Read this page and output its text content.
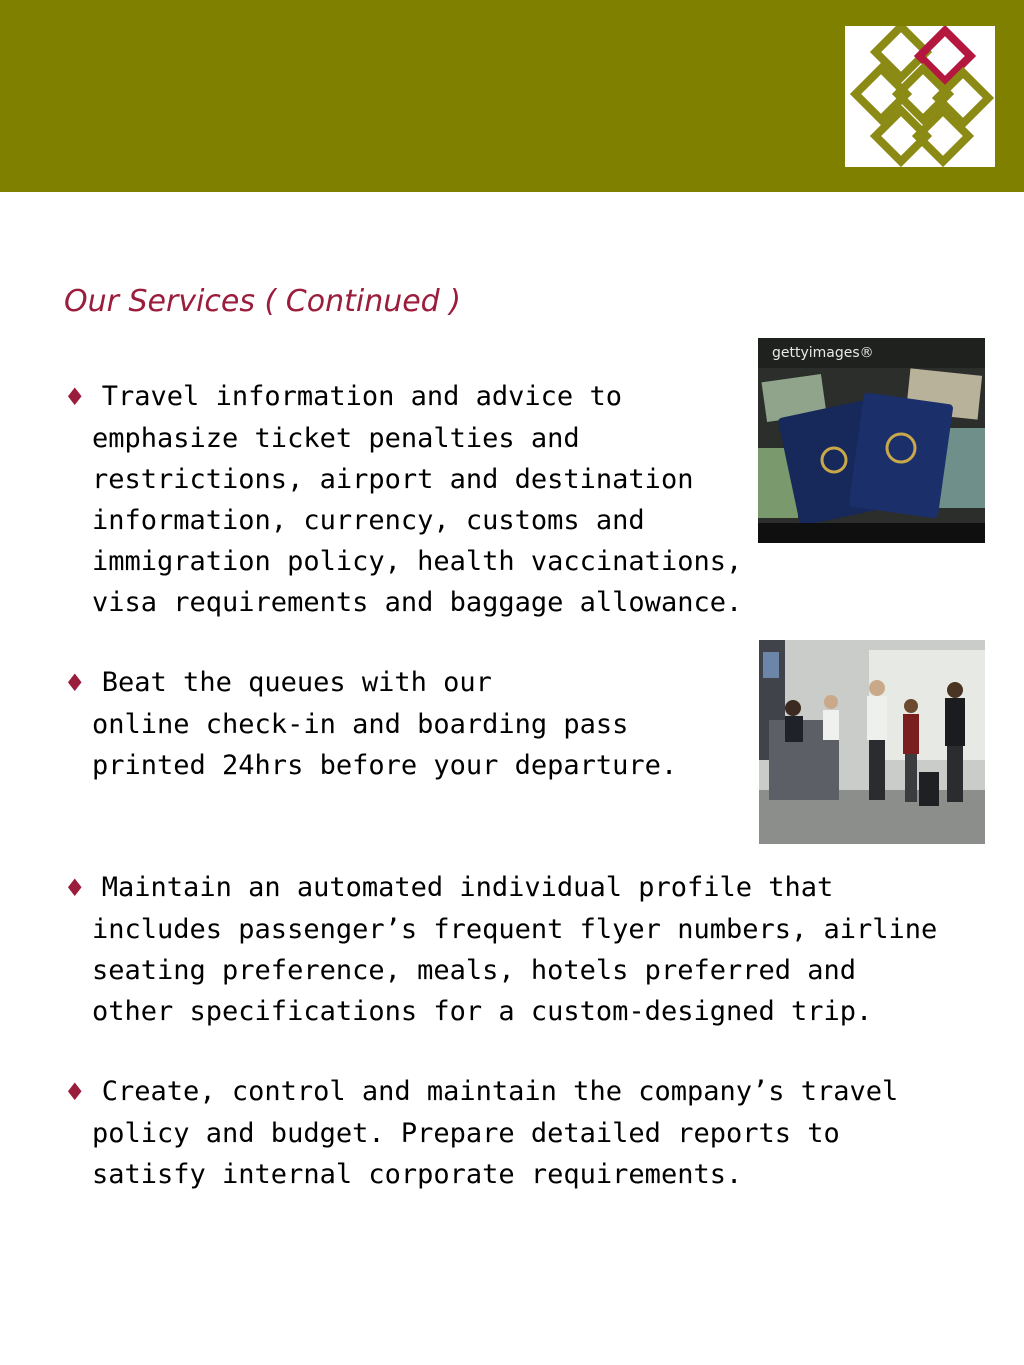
Our Services ( Continued )
♦ Travel information and advice to
emphasize ticket penalties and
restrictions, airport and destination
information, currency, customs and
immigration policy, health vaccinations,
visa requirements and baggage allowance.
♦ Beat the queues with our
online check-in and boarding pass
printed 24hrs before your departure.
♦ Maintain an automated individual profile that
includes passenger’s frequent flyer numbers, airline
seating preference, meals, hotels preferred and
other specifications for a custom-designed trip.
♦ Create, control and maintain the company’s travel
policy and budget. Prepare detailed reports to
satisfy internal corporate requirements.
gettyimages®
